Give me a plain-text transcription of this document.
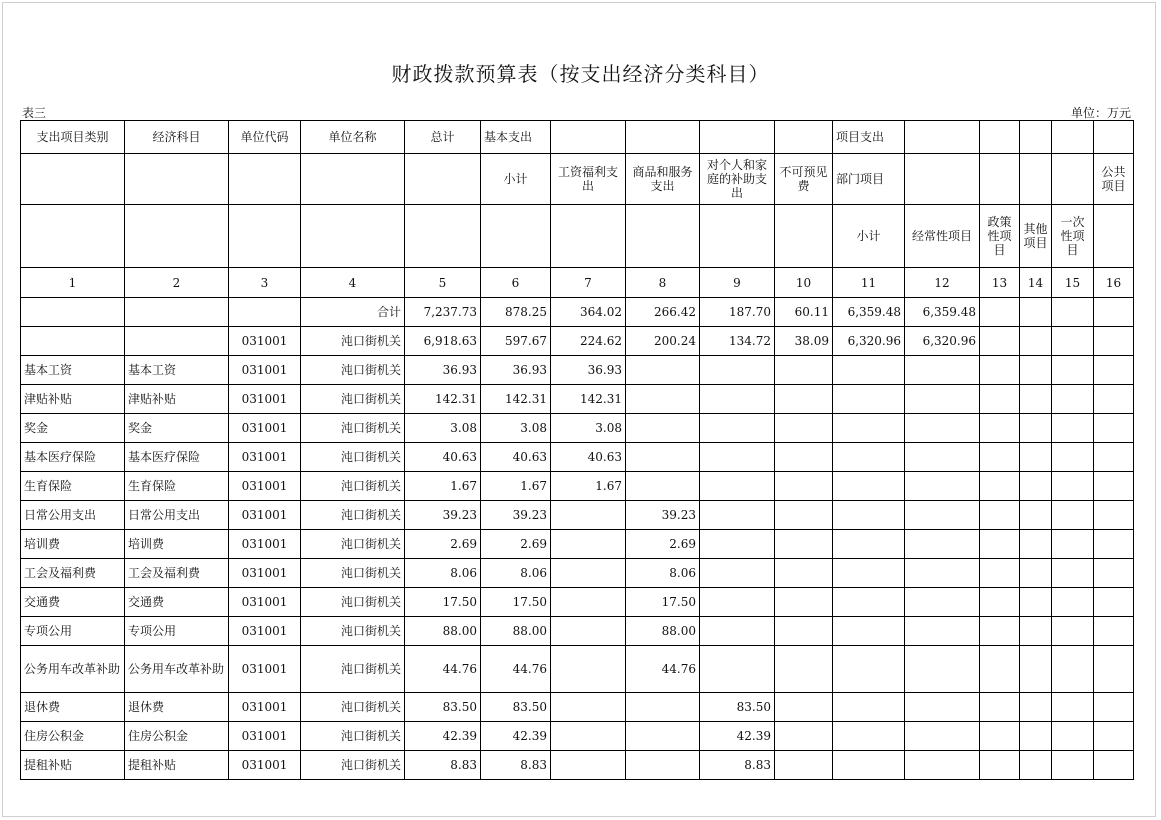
财政拨款预算表（按支出经济分类科目）
表三	单位：万元
支出项目类别	经济科目	单位代码	单位名称	总计	基本支出					项目支出					
					小计	工资福利支出	商品和服务支出	对个人和家庭的补助支出	不可预见费	部门项目					公共项目

										小计	经常性项目	政策性项目	其他项目	一次性项目	

1	2	3	4	5	6	7	8	9	10	11	12	13	14	15	16

			合计	7,237.73	878.25	364.02	266.42	187.70	60.11	6,359.48	6,359.48				

		031001	沌口街机关	6,918.63	597.67	224.62	200.24	134.72	38.09	6,320.96	6,320.96				

基本工资	基本工资	031001	沌口街机关	36.93	36.93	36.93									

津贴补贴	津贴补贴	031001	沌口街机关	142.31	142.31	142.31									

奖金	奖金	031001	沌口街机关	3.08	3.08	3.08									

基本医疗保险	基本医疗保险	031001	沌口街机关	40.63	40.63	40.63									

生育保险	生育保险	031001	沌口街机关	1.67	1.67	1.67									

日常公用支出	日常公用支出	031001	沌口街机关	39.23	39.23		39.23								

培训费	培训费	031001	沌口街机关	2.69	2.69		2.69								

工会及福利费	工会及福利费	031001	沌口街机关	8.06	8.06		8.06								

交通费	交通费	031001	沌口街机关	17.50	17.50		17.50								

专项公用	专项公用	031001	沌口街机关	88.00	88.00		88.00								

公务用车改革补助	公务用车改革补助	031001	沌口街机关	44.76	44.76		44.76								

退休费	退休费	031001	沌口街机关	83.50	83.50			83.50							

住房公积金	住房公积金	031001	沌口街机关	42.39	42.39			42.39							

提租补贴	提租补贴	031001	沌口街机关	8.83	8.83			8.83							
